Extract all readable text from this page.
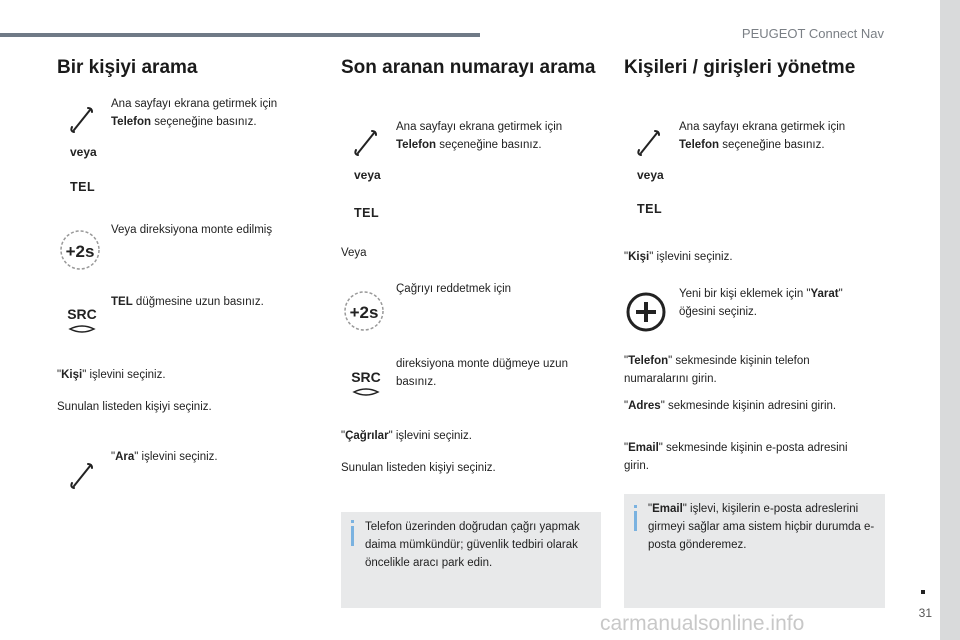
PEUGEOT Connect Nav
Bir kişiyi arama
Ana sayfayı ekrana getirmek için Telefon seçeneğine basınız.
veya
TEL
+2s
Veya direksiyona monte edilmiş
SRC
TEL düğmesine uzun basınız.
"Kişi" işlevini seçiniz.
Sunulan listeden kişiyi seçiniz.
"Ara" işlevini seçiniz.
Son aranan numarayı arama
Ana sayfayı ekrana getirmek için Telefon seçeneğine basınız.
veya
TEL
Veya
+2s
Çağrıyı reddetmek için
SRC
direksiyona monte düğmeye uzun basınız.
"Çağrılar" işlevini seçiniz.
Sunulan listeden kişiyi seçiniz.
Telefon üzerinden doğrudan çağrı yapmak daima mümkündür; güvenlik tedbiri olarak öncelikle aracı park edin.
Kişileri / girişleri yönetme
Ana sayfayı ekrana getirmek için Telefon seçeneğine basınız.
veya
TEL
"Kişi" işlevini seçiniz.
Yeni bir kişi eklemek için "Yarat" öğesini seçiniz.
"Telefon" sekmesinde kişinin telefon numaralarını girin.
"Adres" sekmesinde kişinin adresini girin.
"Email" sekmesinde kişinin e-posta adresini girin.
"Email" işlevi, kişilerin e-posta adreslerini girmeyi sağlar ama sistem hiçbir durumda e-posta gönderemez.
31
carmanualsonline.info
